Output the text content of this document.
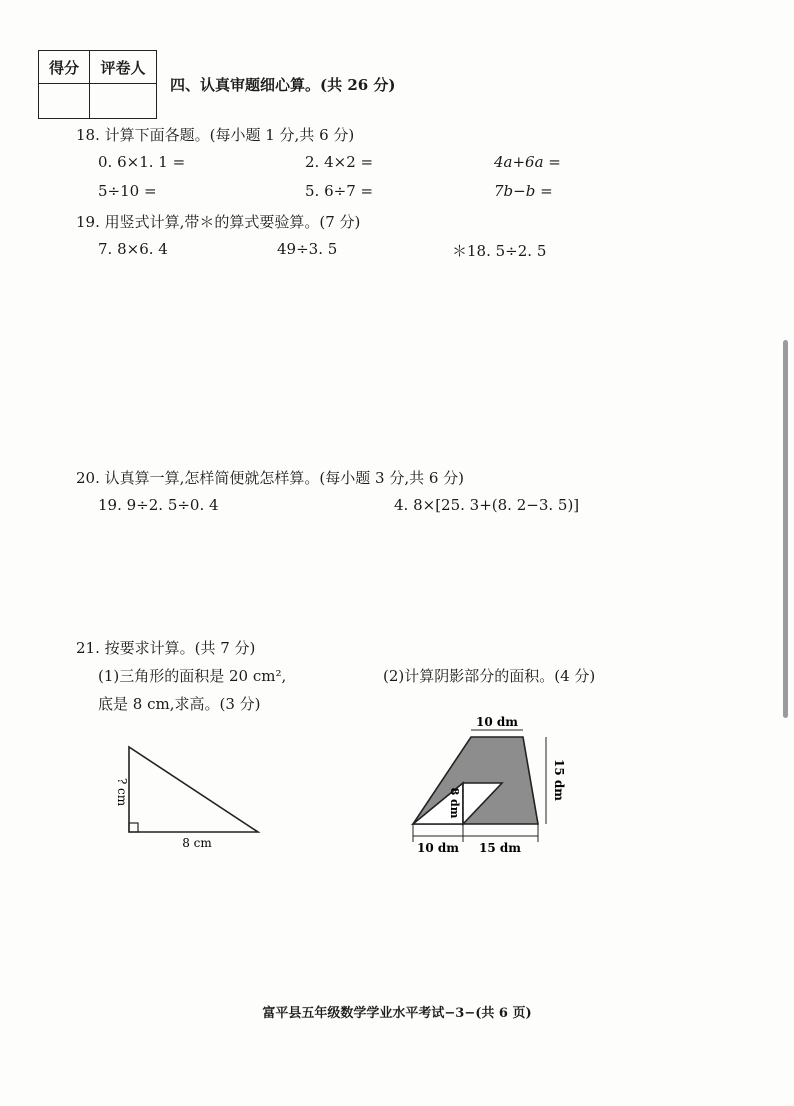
得分	评卷人

四、认真审题细心算。(共 26 分)
18. 计算下面各题。(每小题 1 分,共 6 分)
0. 6×1. 1 =	2. 4×2 =	4a+6a =
5÷10 =	5. 6÷7 =	7b−b =
19. 用竖式计算,带＊的算式要验算。(7 分)
7. 8×6. 4	49÷3. 5	＊18. 5÷2. 5
20. 认真算一算,怎样简便就怎样算。(每小题 3 分,共 6 分)
19. 9÷2. 5÷0. 4	4. 8×[25. 3+(8. 2−3. 5)]
21. 按要求计算。(共 7 分)
(1)三角形的面积是 20 cm²,
底是 8 cm,求高。(3 分)
(2)计算阴影部分的面积。(4 分)
? cm
8 cm
10 dm
15 dm
8 dm
10 dm 15 dm
富平县五年级数学学业水平考试−3−(共 6 页)
